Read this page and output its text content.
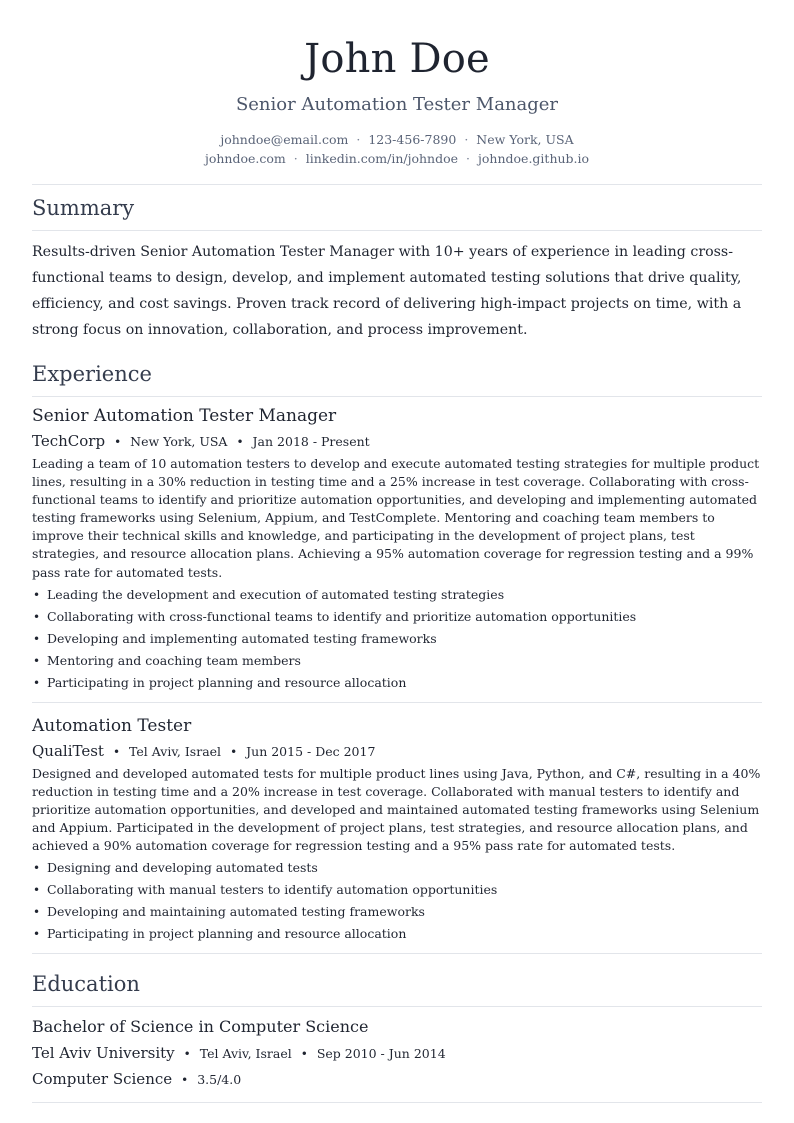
John Doe
Senior Automation Tester Manager
johndoe@email.com · 123-456-7890 · New York, USA
johndoe.com · linkedin.com/in/johndoe · johndoe.github.io
Summary
Results-driven Senior Automation Tester Manager with 10+ years of experience in leading cross-functional teams to design, develop, and implement automated testing solutions that drive quality, efficiency, and cost savings. Proven track record of delivering high-impact projects on time, with a strong focus on innovation, collaboration, and process improvement.
Experience
Senior Automation Tester Manager
TechCorp • New York, USA • Jan 2018 - Present
Leading a team of 10 automation testers to develop and execute automated testing strategies for multiple product lines, resulting in a 30% reduction in testing time and a 25% increase in test coverage. Collaborating with cross-functional teams to identify and prioritize automation opportunities, and developing and implementing automated testing frameworks using Selenium, Appium, and TestComplete. Mentoring and coaching team members to improve their technical skills and knowledge, and participating in the development of project plans, test strategies, and resource allocation plans. Achieving a 95% automation coverage for regression testing and a 99% pass rate for automated tests.
• Leading the development and execution of automated testing strategies
• Collaborating with cross-functional teams to identify and prioritize automation opportunities
• Developing and implementing automated testing frameworks
• Mentoring and coaching team members
• Participating in project planning and resource allocation
Automation Tester
QualiTest • Tel Aviv, Israel • Jun 2015 - Dec 2017
Designed and developed automated tests for multiple product lines using Java, Python, and C#, resulting in a 40% reduction in testing time and a 20% increase in test coverage. Collaborated with manual testers to identify and prioritize automation opportunities, and developed and maintained automated testing frameworks using Selenium and Appium. Participated in the development of project plans, test strategies, and resource allocation plans, and achieved a 90% automation coverage for regression testing and a 95% pass rate for automated tests.
• Designing and developing automated tests
• Collaborating with manual testers to identify automation opportunities
• Developing and maintaining automated testing frameworks
• Participating in project planning and resource allocation
Education
Bachelor of Science in Computer Science
Tel Aviv University • Tel Aviv, Israel • Sep 2010 - Jun 2014
Computer Science • 3.5/4.0
